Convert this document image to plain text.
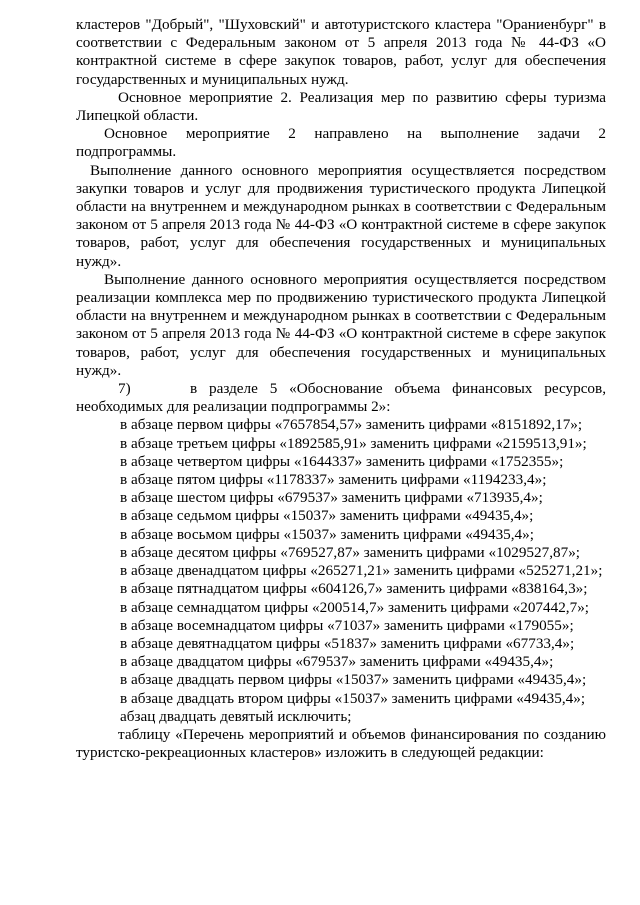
кластеров "Добрый", "Шуховский" и автотуристского кластера "Ораниенбург" в соответствии с Федеральным законом от 5 апреля 2013 года № 44-ФЗ «О контрактной системе в сфере закупок товаров, работ, услуг для обеспечения государственных и муниципальных нужд.

Основное мероприятие 2. Реализация мер по развитию сферы туризма Липецкой области.

Основное мероприятие 2 направлено на выполнение задачи 2 подпрограммы.

Выполнение данного основного мероприятия осуществляется посредством закупки товаров и услуг для продвижения туристического продукта Липецкой области на внутреннем и международном рынках в соответствии с Федеральным законом от 5 апреля 2013 года № 44-ФЗ «О контрактной системе в сфере закупок товаров, работ, услуг для обеспечения государственных и муниципальных нужд».

Выполнение данного основного мероприятия осуществляется посредством реализации комплекса мер по продвижению туристического продукта Липецкой области на внутреннем и международном рынках в соответствии с Федеральным законом от 5 апреля 2013 года № 44-ФЗ «О контрактной системе в сфере закупок товаров, работ, услуг для обеспечения государственных и муниципальных нужд».

7)     в разделе 5 «Обоснование объема финансовых ресурсов, необходимых для реализации подпрограммы 2»:

в абзаце первом цифры «7657854,57» заменить цифрами «8151892,17»;

в абзаце третьем цифры «1892585,91» заменить цифрами «2159513,91»;

в абзаце четвертом цифры «1644337» заменить цифрами «1752355»;

в абзаце пятом цифры «1178337» заменить цифрами «1194233,4»;

в абзаце шестом цифры «679537» заменить цифрами «713935,4»;

в абзаце седьмом цифры «15037» заменить цифрами «49435,4»;

в абзаце восьмом цифры «15037» заменить цифрами «49435,4»;

в абзаце десятом цифры «769527,87» заменить цифрами «1029527,87»;

в абзаце двенадцатом цифры «265271,21» заменить цифрами «525271,21»;

в абзаце пятнадцатом цифры «604126,7» заменить цифрами «838164,3»;

в абзаце семнадцатом цифры «200514,7» заменить цифрами «207442,7»;

в абзаце восемнадцатом цифры «71037» заменить цифрами «179055»;

в абзаце девятнадцатом цифры «51837» заменить цифрами «67733,4»;

в абзаце двадцатом цифры «679537» заменить цифрами «49435,4»;

в абзаце двадцать первом цифры «15037» заменить цифрами «49435,4»;

в абзаце двадцать втором цифры «15037» заменить цифрами «49435,4»;

абзац двадцать девятый исключить;

таблицу «Перечень мероприятий и объемов финансирования по созданию туристско-рекреационных кластеров» изложить в следующей редакции:
